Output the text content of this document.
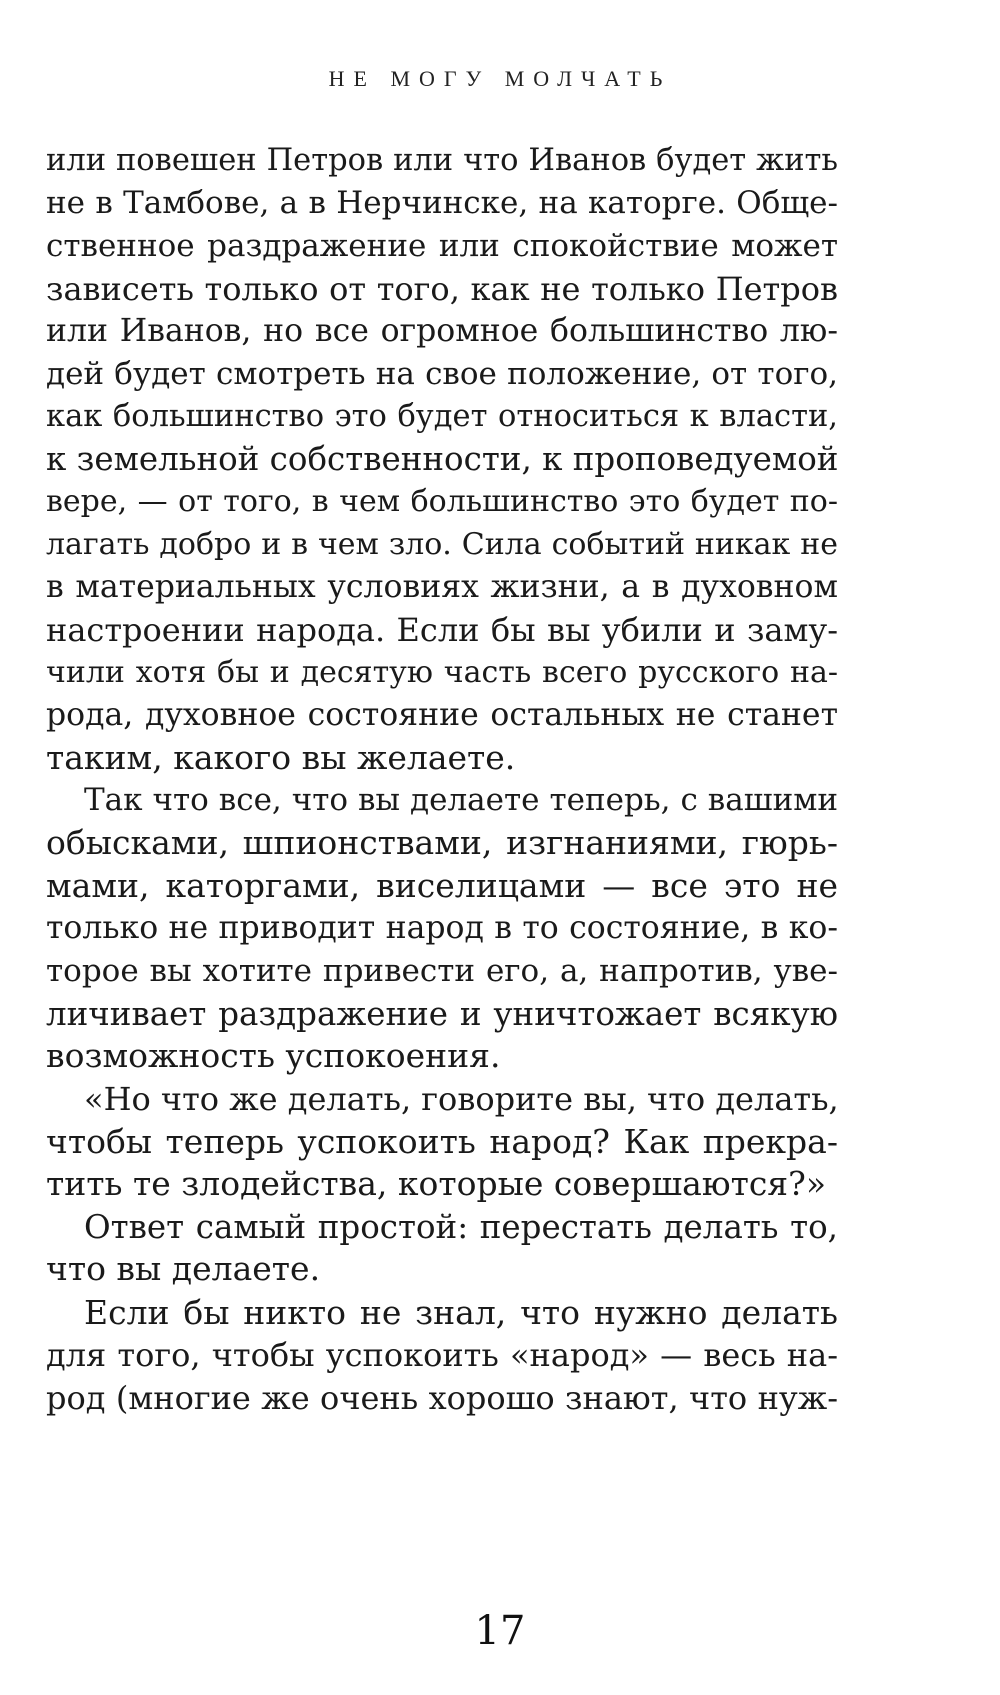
НЕ МОГУ МОЛЧАТЬ
или повешен Петров или что Иванов будет жить
не в Тамбове, а в Нерчинске, на каторге. Обще-
ственное раздражение или спокойствие может
зависеть только от того, как не только Петров
или Иванов, но все огромное большинство лю-
дей будет смотреть на свое положение, от того,
как большинство это будет относиться к власти,
к земельной собственности, к проповедуемой
вере, — от того, в чем большинство это будет по-
лагать добро и в чем зло. Сила событий никак не
в материальных условиях жизни, а в духовном
настроении народа. Если бы вы убили и заму-
чили хотя бы и десятую часть всего русского на-
рода, духовное состояние остальных не станет
таким, какого вы желаете.
Так что все, что вы делаете теперь, с вашими
обысками, шпионствами, изгнаниями, гюрь-
мами, каторгами, виселицами — все это не
только не приводит народ в то состояние, в ко-
торое вы хотите привести его, а, напротив, уве-
личивает раздражение и уничтожает всякую
возможность успокоения.
«Но что же делать, говорите вы, что делать,
чтобы теперь успокоить народ? Как прекра-
тить те злодейства, которые совершаются?»
Ответ самый простой: перестать делать то,
что вы делаете.
Если бы никто не знал, что нужно делать
для того, чтобы успокоить «народ» — весь на-
род (многие же очень хорошо знают, что нуж-
17
